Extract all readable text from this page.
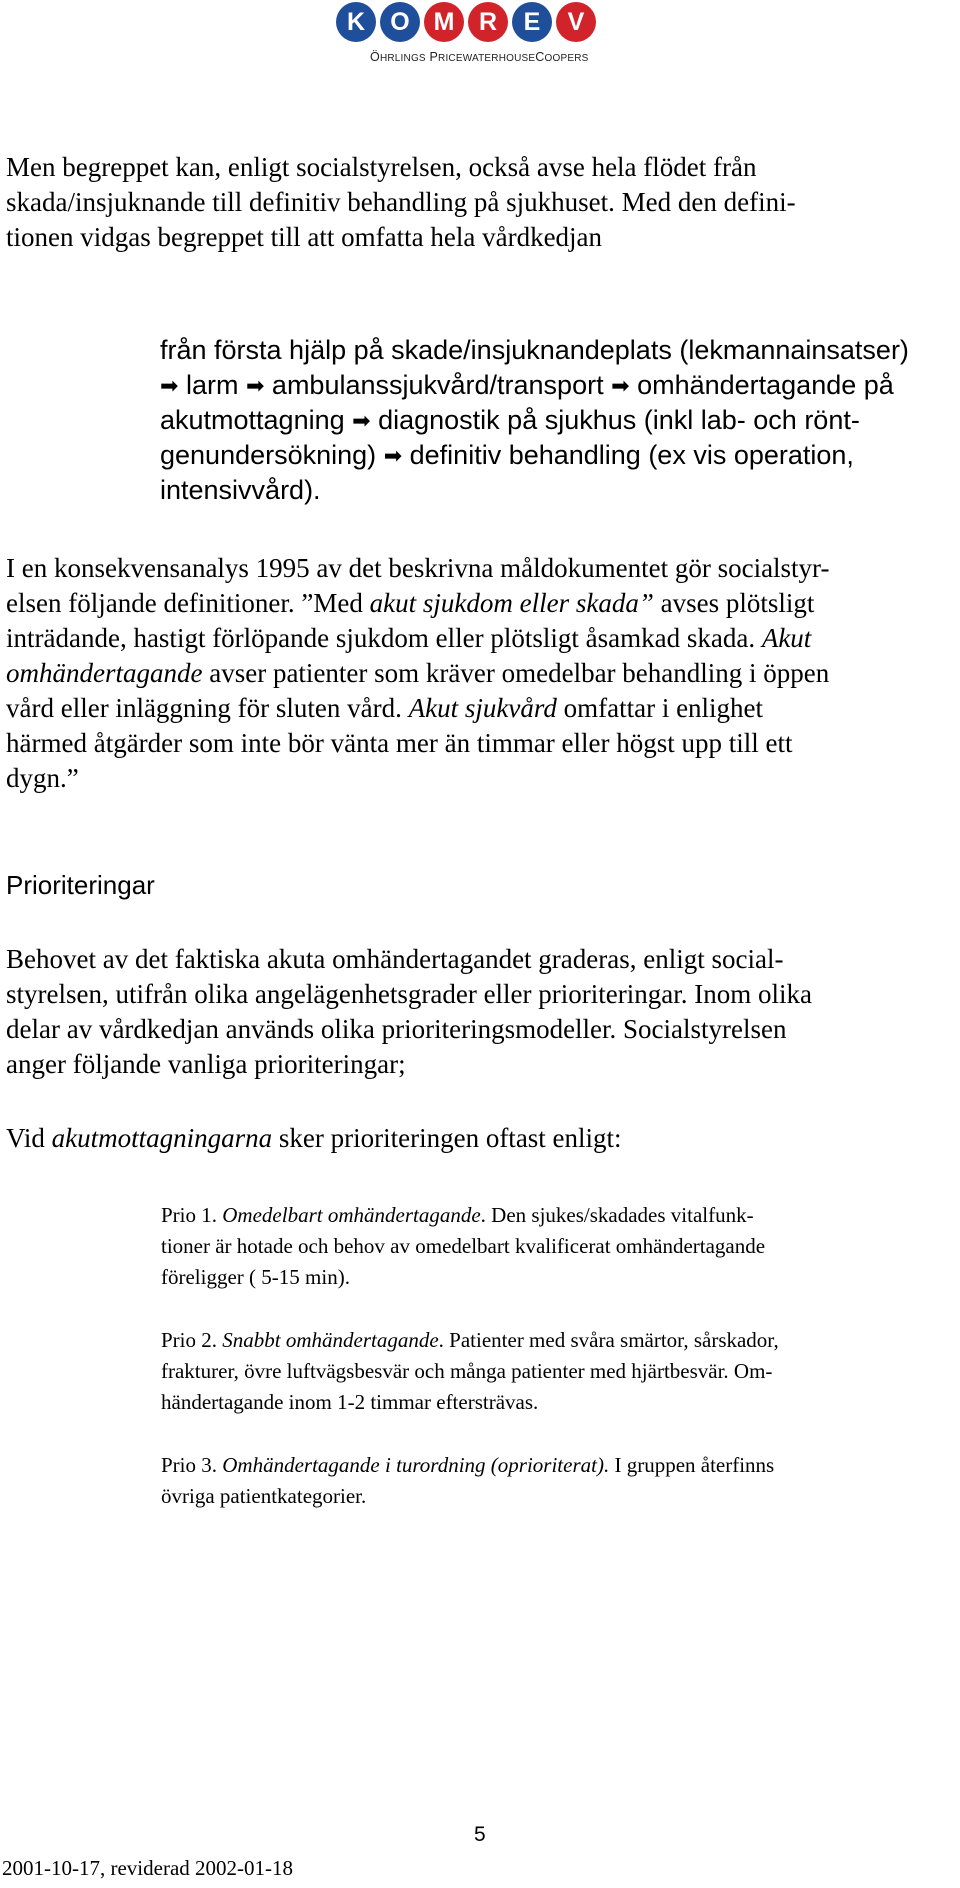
K	O M R	E	V
ÖHRLINGS PRICEWATERHOUSECOOPERS

Men begreppet kan, enligt socialstyrelsen, också avse hela flödet från
skada/insjuknande till definitiv behandling på sjukhuset. Med den defini-
tionen vidgas begreppet till att omfatta hela vårdkedjan

från första hjälp på skade/insjuknandeplats (lekmannainsatser)
➡ larm ➡ ambulanssjukvård/transport ➡ omhändertagande på
akutmottagning ➡ diagnostik på sjukhus (inkl lab- och rönt-
genundersökning) ➡ definitiv behandling (ex vis operation,
intensivvård).

I en konsekvensanalys 1995 av det beskrivna måldokumentet gör socialstyr-
elsen följande definitioner. ”Med akut sjukdom eller skada” avses plötsligt
inträdande, hastigt förlöpande sjukdom eller plötsligt åsamkad skada. Akut
omhändertagande avser patienter som kräver omedelbar behandling i öppen
vård eller inläggning för sluten vård. Akut sjukvård omfattar i enlighet
härmed åtgärder som inte bör vänta mer än timmar eller högst upp till ett
dygn.”

Prioriteringar

Behovet av det faktiska akuta omhändertagandet graderas, enligt social-
styrelsen, utifrån olika angelägenhetsgrader eller prioriteringar. Inom olika
delar av vårdkedjan används olika prioriteringsmodeller. Socialstyrelsen
anger följande vanliga prioriteringar;

Vid akutmottagningarna sker prioriteringen oftast enligt:

Prio 1. Omedelbart omhändertagande. Den sjukes/skadades vitalfunk-
tioner är hotade och behov av omedelbart kvalificerat omhändertagande
föreligger ( 5-15 min).

Prio 2. Snabbt omhändertagande. Patienter med svåra smärtor, sårskador,
frakturer, övre luftvägsbesvär och många patienter med hjärtbesvär. Om-
händertagande inom 1-2 timmar eftersträvas.

Prio 3. Omhändertagande i turordning (oprioriterat). I gruppen återfinns
övriga patientkategorier.

5
2001-10-17, reviderad 2002-01-18
